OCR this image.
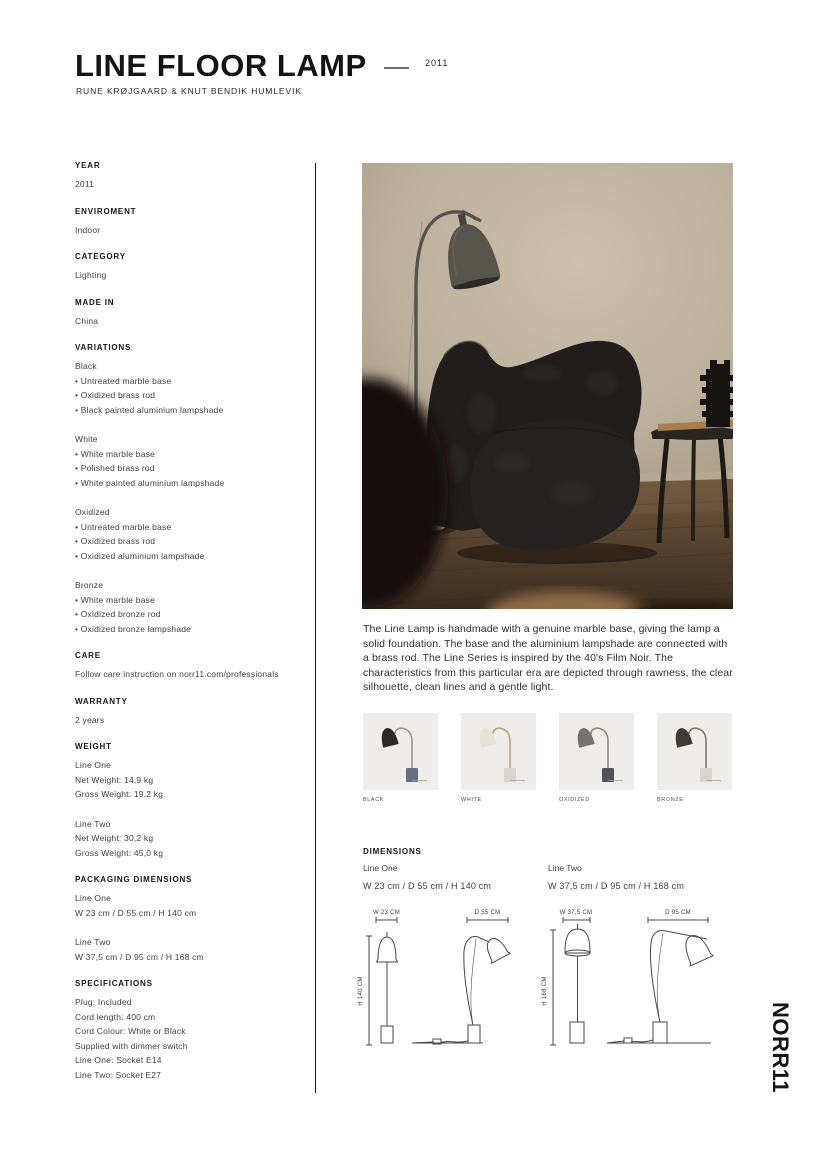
LINE FLOOR LAMP	2011
RUNE KRØJGAARD & KNUT BENDIK HUMLEVIK
YEAR
2011
ENVIROMENT
Indoor
CATEGORY
Lighting
MADE IN
China
VARIATIONS
Black
• Untreated marble base
• Oxidized brass rod
• Black painted aluminium lampshade
White
• White marble base
• Polished brass rod
• White painted aluminium lampshade
Oxidized
• Untreated marble base
• Oxidized brass rod
• Oxidized aluminium lampshade
Bronze
• White marble base
• Oxidized bronze rod
• Oxidized bronze lampshade
CARE
Follow care instruction on norr11.com/professionals
WARRANTY
2 years
WEIGHT
Line One
Net Weight: 14,9 kg
Gross Weight: 19,2 kg
Line Two
Net Weight: 30,2 kg
Gross Weight: 45,0 kg
PACKAGING DIMENSIONS
Line One
W 23 cm / D 55 cm / H 140 cm
Line Two
W 37,5 cm / D 95 cm / H 168 cm
SPECIFICATIONS
Plug: Included
Cord length: 400 cm
Cord Colour: White or Black
Supplied with dimmer switch
Line One: Socket E14
Line Two: Socket E27
The Line Lamp is handmade with a genuine marble base, giving the lamp a solid foundation. The base and the aluminium lampshade are connected with a brass rod. The Line Series is inspired by the 40's Film Noir. The characteristics from this particular era are depicted through rawness, the clear silhouette, clean lines and a gentle light.
BLACK	WHITE	OXIDIZED	BRONZE
DIMENSIONS
Line One
W 23 cm / D 55 cm / H 140 cm
Line Two
W 37,5 cm / D 95 cm / H 168 cm
W 23 CM	D 55 CM
H 140 CM
W 37,5 CM	D 95 CM
H 168 CM
NORR11
